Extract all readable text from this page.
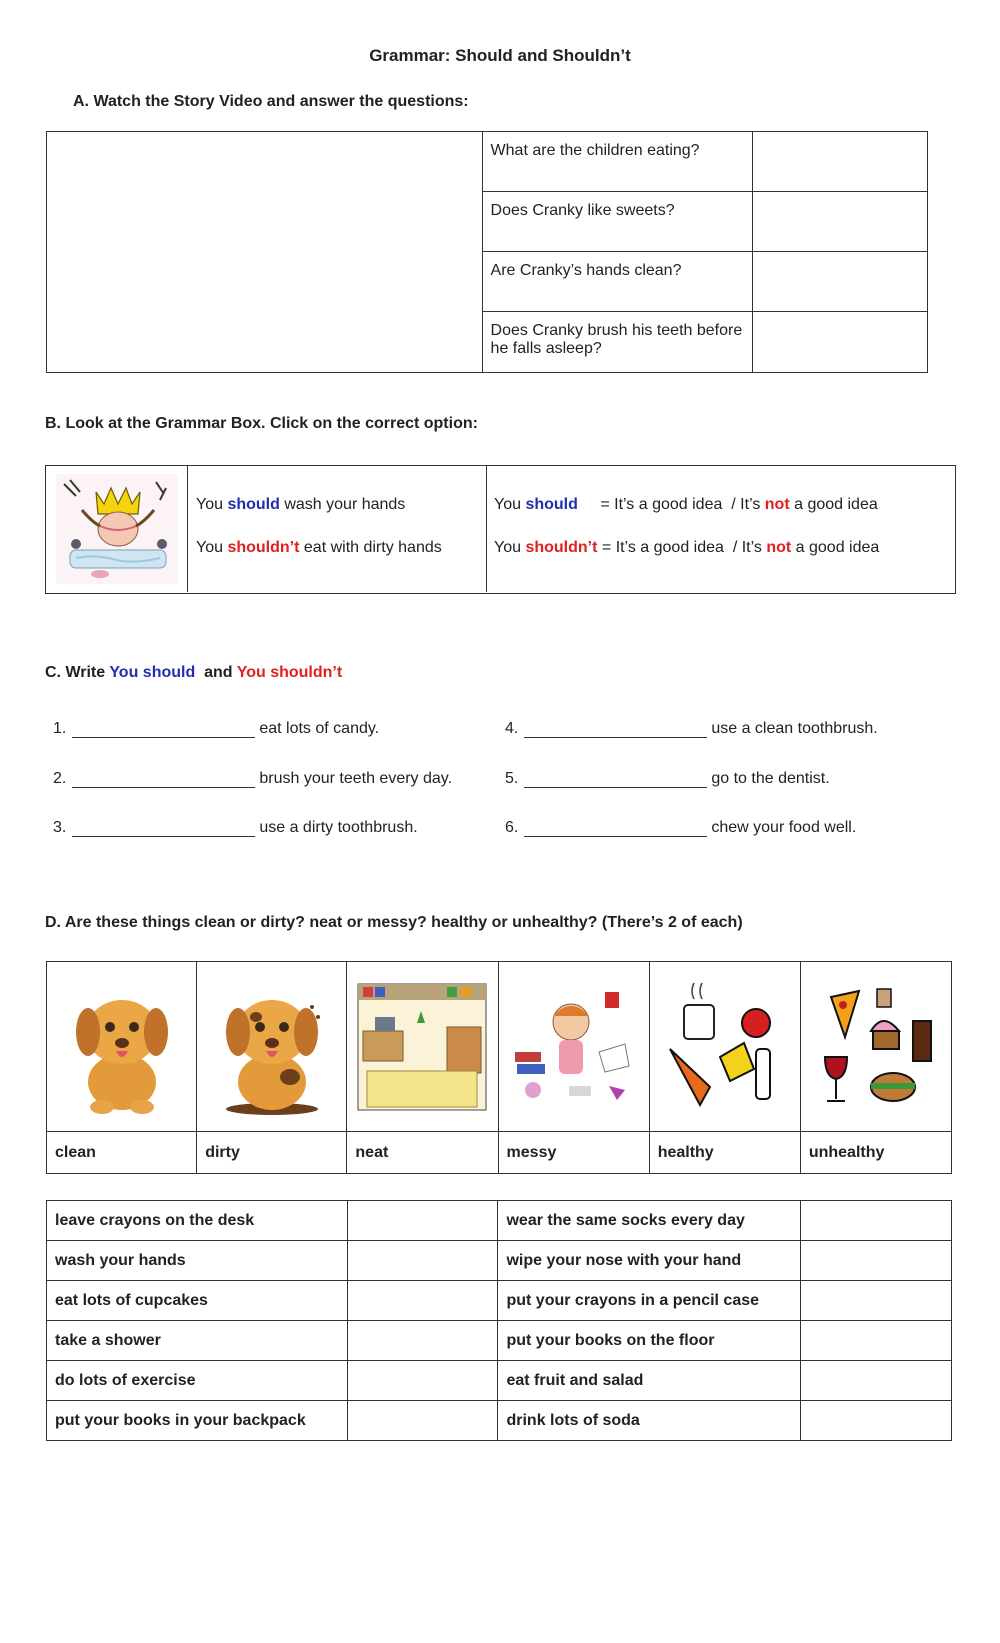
Grammar: Should and Shouldn’t
A. Watch the Story Video and answer the questions:
	What are the children eating?	
	Does Cranky like sweets?	
	Are Cranky’s hands clean?	
	Does Cranky brush his teeth before he falls asleep?	
B. Look at the Grammar Box. Click on the correct option:
You should wash your hands
You shouldn’t eat with dirty hands
You should = It’s a good idea / It’s not a good idea
You shouldn’t = It’s a good idea / It’s not a good idea
C. Write You should and You shouldn’t
1.	eat lots of candy.
2.	brush your teeth every day.
3.	use a dirty toothbrush.
4.	use a clean toothbrush.
5.	go to the dentist.
6.	chew your food well.
D. Are these things clean or dirty? neat or messy? healthy or unhealthy? (There’s 2 of each)

clean	dirty	neat	messy	healthy	unhealthy
leave crayons on the desk		wear the same socks every day	
wash your hands		wipe your nose with your hand	
eat lots of cupcakes		put your crayons in a pencil case	
take a shower		put your books on the floor	
do lots of exercise		eat fruit and salad	
put your books in your backpack		drink lots of soda	
